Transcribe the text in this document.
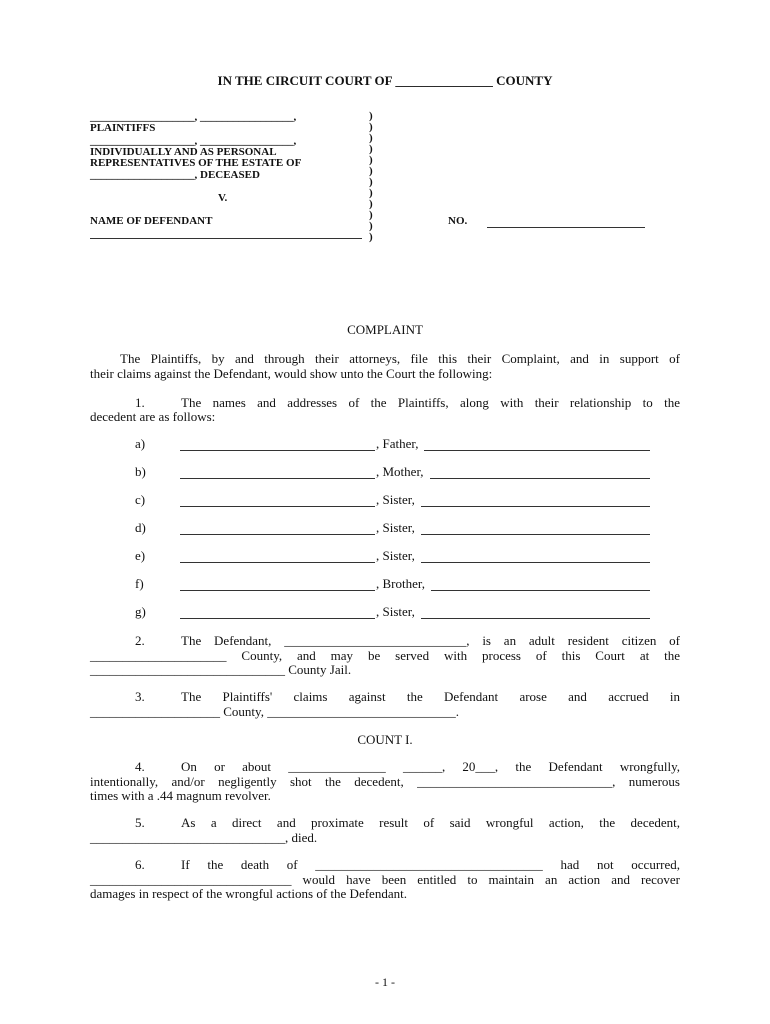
IN THE CIRCUIT COURT OF _______________ COUNTY
___________________, _________________,
PLAINTIFFS
___________________, _________________,
INDIVIDUALLY AND AS PERSONAL
REPRESENTATIVES OF THE ESTATE OF
___________________, DECEASED
V.
NAME OF DEFENDANT
)
)
)
)
)
)
)
)
)
)
)
)
NO.
COMPLAINT
The Plaintiffs, by and through their attorneys, file this their Complaint, and in support of
their claims against the Defendant, would show unto the Court the following:
1.	The names and addresses of the Plaintiffs, along with their relationship to the
decedent are as follows:
a)	, Father,
b)	, Mother,
c)	, Sister,
d)	, Sister,
e)	, Sister,
f)	, Brother,
g)	, Sister,
2.	The Defendant, ____________________________, is an adult resident citizen of
_____________________ County, and may be served with process of this Court at the
______________________________ County Jail.
3.	The Plaintiffs' claims against the Defendant arose and accrued in
____________________ County, _____________________________.
COUNT I.
4.	On or about _______________ ______, 20___, the Defendant wrongfully,
intentionally, and/or negligently shot the decedent, ______________________________, numerous
times with a .44 magnum revolver.
5.	As a direct and proximate result of said wrongful action, the decedent,
______________________________, died.
6.	If the death of ___________________________________ had not occurred,
_______________________________ would have been entitled to maintain an action and recover
damages in respect of the wrongful actions of the Defendant.
- 1 -
